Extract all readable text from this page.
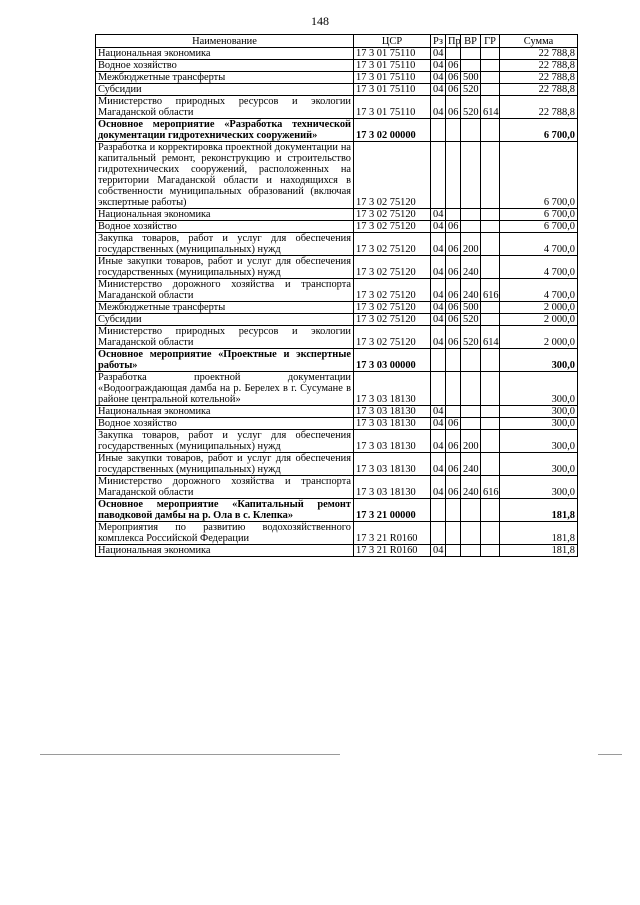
148
Наименование	ЦСР	Рз	Пр	ВР	ГР	Сумма
Национальная экономика	17 3 01 75110	04				22 788,8
Водное хозяйство	17 3 01 75110	04	06			22 788,8
Межбюджетные трансферты	17 3 01 75110	04	06	500		22 788,8
Субсидии	17 3 01 75110	04	06	520		22 788,8
Министерство природных ресурсов и экологии Магаданской области	17 3 01 75110	04	06	520	614	22 788,8
Основное мероприятие «Разработка технической документации гидротехнических сооружений»	17 3 02 00000					6 700,0
Разработка и корректировка проектной документации на капитальный ремонт, реконструкцию и строительство гидротехнических сооружений, расположенных на территории Магаданской области и находящихся в собственности муниципальных образований (включая экспертные работы)	17 3 02 75120					6 700,0
Национальная экономика	17 3 02 75120	04				6 700,0
Водное хозяйство	17 3 02 75120	04	06			6 700,0
Закупка товаров, работ и услуг для обеспечения государственных (муниципальных) нужд	17 3 02 75120	04	06	200		4 700,0
Иные закупки товаров, работ и услуг для обеспечения государственных (муниципальных) нужд	17 3 02 75120	04	06	240		4 700,0
Министерство дорожного хозяйства и транспорта Магаданской области	17 3 02 75120	04	06	240	616	4 700,0
Межбюджетные трансферты	17 3 02 75120	04	06	500		2 000,0
Субсидии	17 3 02 75120	04	06	520		2 000,0
Министерство природных ресурсов и экологии Магаданской области	17 3 02 75120	04	06	520	614	2 000,0
Основное мероприятие «Проектные и экспертные работы»	17 3 03 00000					300,0
Разработка проектной документации «Водоограждающая дамба на р. Берелех в г. Сусумане в районе центральной котельной»	17 3 03 18130					300,0
Национальная экономика	17 3 03 18130	04				300,0
Водное хозяйство	17 3 03 18130	04	06			300,0
Закупка товаров, работ и услуг для обеспечения государственных (муниципальных) нужд	17 3 03 18130	04	06	200		300,0
Иные закупки товаров, работ и услуг для обеспечения государственных (муниципальных) нужд	17 3 03 18130	04	06	240		300,0
Министерство дорожного хозяйства и транспорта Магаданской области	17 3 03 18130	04	06	240	616	300,0
Основное мероприятие «Капитальный ремонт паводковой дамбы на р. Ола в с. Клепка»	17 3 21 00000					181,8
Мероприятия по развитию водохозяйственного комплекса Российской Федерации	17 3 21 R0160					181,8
Национальная экономика	17 3 21 R0160	04				181,8
